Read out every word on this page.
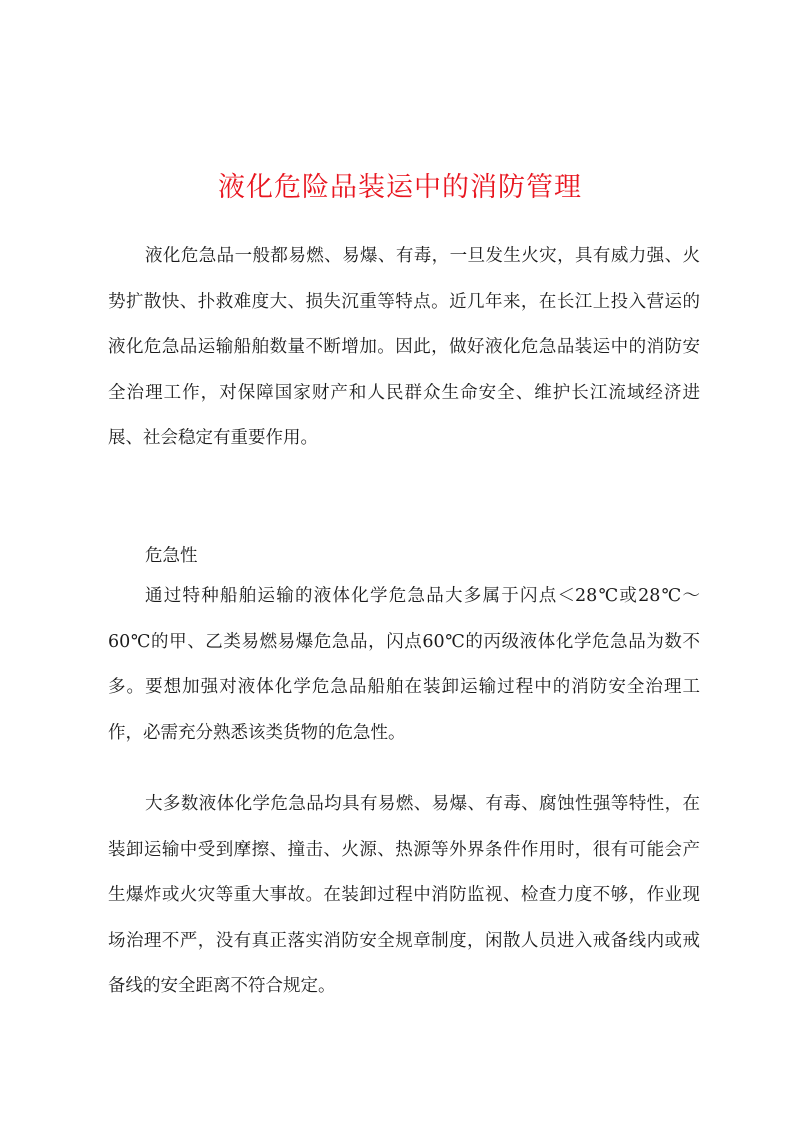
液化危险品装运中的消防管理

液化危急品一般都易燃、易爆、有毒，一旦发生火灾，具有威力强、火势扩散快、扑救难度大、损失沉重等特点。近几年来，在长江上投入营运的液化危急品运输船舶数量不断增加。因此，做好液化危急品装运中的消防安全治理工作，对保障国家财产和人民群众生命安全、维护长江流域经济进展、社会稳定有重要作用。

危急性

通过特种船舶运输的液体化学危急品大多属于闪点＜28℃或28℃～60℃的甲、乙类易燃易爆危急品，闪点60℃的丙级液体化学危急品为数不多。要想加强对液体化学危急品船舶在装卸运输过程中的消防安全治理工作，必需充分熟悉该类货物的危急性。

大多数液体化学危急品均具有易燃、易爆、有毒、腐蚀性强等特性，在装卸运输中受到摩擦、撞击、火源、热源等外界条件作用时，很有可能会产生爆炸或火灾等重大事故。在装卸过程中消防监视、检查力度不够，作业现场治理不严，没有真正落实消防安全规章制度，闲散人员进入戒备线内或戒备线的安全距离不符合规定。
